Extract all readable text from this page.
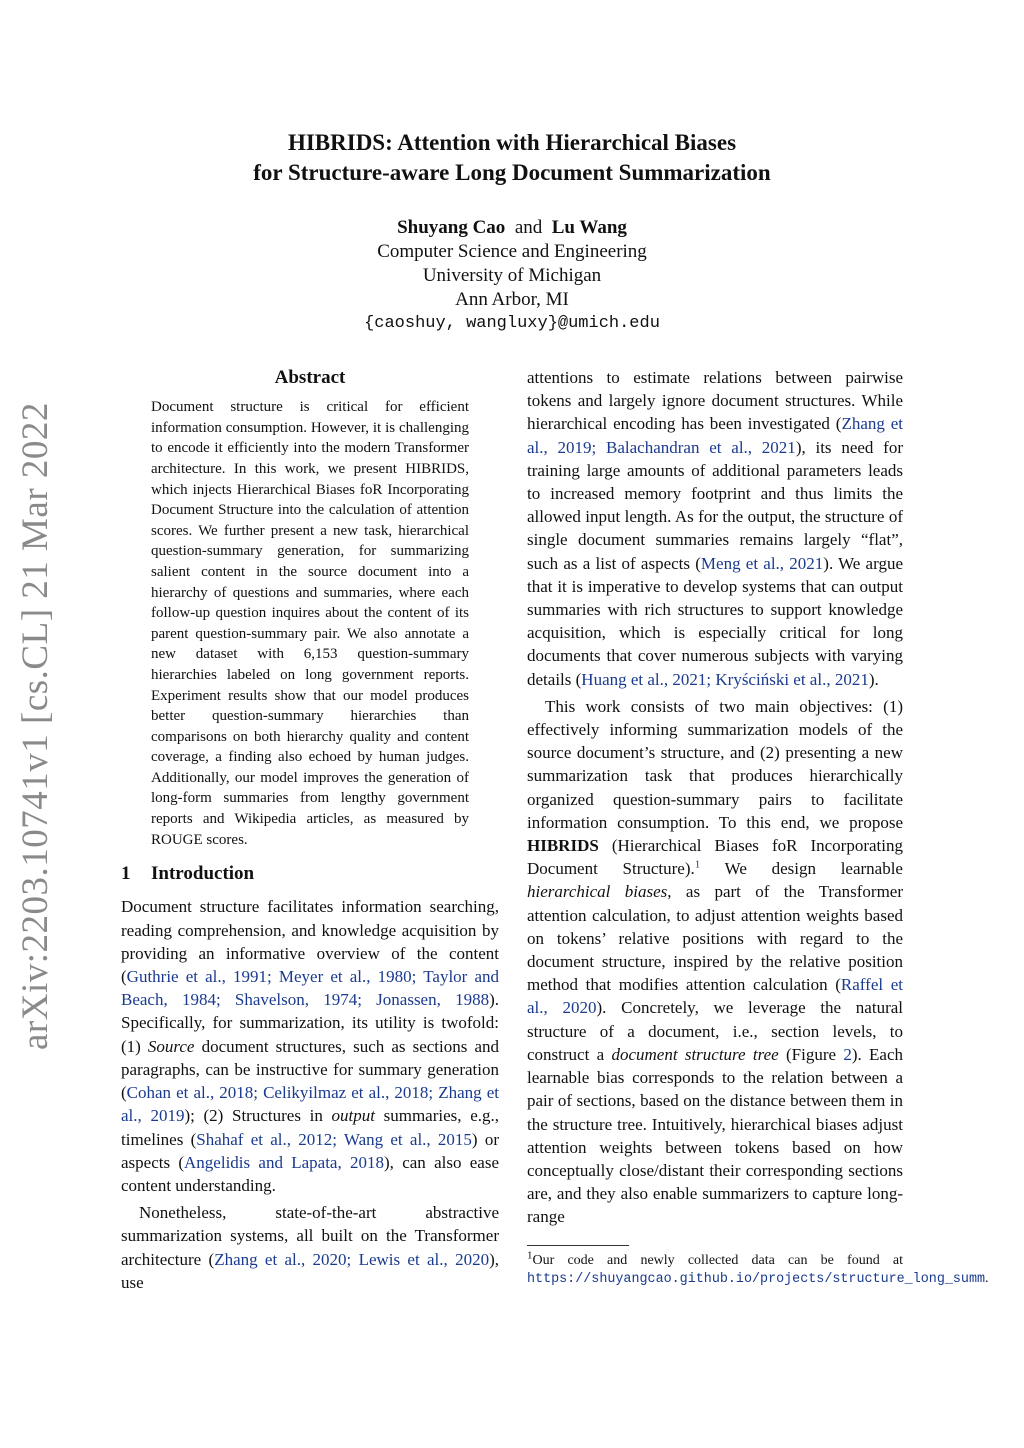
arXiv:2203.10741v1 [cs.CL] 21 Mar 2022
HIBRIDS: Attention with Hierarchical Biases
for Structure-aware Long Document Summarization
Shuyang Cao and Lu Wang
Computer Science and Engineering
University of Michigan
Ann Arbor, MI
{caoshuy, wangluxy}@umich.edu
Abstract
Document structure is critical for efficient information consumption. However, it is challenging to encode it efficiently into the modern Transformer architecture. In this work, we present HIBRIDS, which injects Hierarchical Biases foR Incorporating Document Structure into the calculation of attention scores. We further present a new task, hierarchical question-summary generation, for summarizing salient content in the source document into a hierarchy of questions and summaries, where each follow-up question inquires about the content of its parent question-summary pair. We also annotate a new dataset with 6,153 question-summary hierarchies labeled on long government reports. Experiment results show that our model produces better question-summary hierarchies than comparisons on both hierarchy quality and content coverage, a finding also echoed by human judges. Additionally, our model improves the generation of long-form summaries from lengthy government reports and Wikipedia articles, as measured by ROUGE scores.
1 Introduction

Document structure facilitates information searching, reading comprehension, and knowledge acquisition by providing an informative overview of the content (Guthrie et al., 1991; Meyer et al., 1980; Taylor and Beach, 1984; Shavelson, 1974; Jonassen, 1988). Specifically, for summarization, its utility is twofold: (1) Source document structures, such as sections and paragraphs, can be instructive for summary generation (Cohan et al., 2018; Celikyilmaz et al., 2018; Zhang et al., 2019); (2) Structures in output summaries, e.g., timelines (Shahaf et al., 2012; Wang et al., 2015) or aspects (Angelidis and Lapata, 2018), can also ease content understanding.

Nonetheless, state-of-the-art abstractive summarization systems, all built on the Transformer architecture (Zhang et al., 2020; Lewis et al., 2020), use

attentions to estimate relations between pairwise tokens and largely ignore document structures. While hierarchical encoding has been investigated (Zhang et al., 2019; Balachandran et al., 2021), its need for training large amounts of additional parameters leads to increased memory footprint and thus limits the allowed input length. As for the output, the structure of single document summaries remains largely “flat”, such as a list of aspects (Meng et al., 2021). We argue that it is imperative to develop systems that can output summaries with rich structures to support knowledge acquisition, which is especially critical for long documents that cover numerous subjects with varying details (Huang et al., 2021; Kryściński et al., 2021).

This work consists of two main objectives: (1) effectively informing summarization models of the source document’s structure, and (2) presenting a new summarization task that produces hierarchically organized question-summary pairs to facilitate information consumption. To this end, we propose HIBRIDS (Hierarchical Biases foR Incorporating Document Structure).$^1$ We design learnable hierarchical biases, as part of the Transformer attention calculation, to adjust attention weights based on tokens’ relative positions with regard to the document structure, inspired by the relative position method that modifies attention calculation (Raffel et al., 2020). Concretely, we leverage the natural structure of a document, i.e., section levels, to construct a document structure tree (Figure 2). Each learnable bias corresponds to the relation between a pair of sections, based on the distance between them in the structure tree. Intuitively, hierarchical biases adjust attention weights between tokens based on how conceptually close/distant their corresponding sections are, and they also enable summarizers to capture long-range

$^1$Our code and newly collected data can be found at https://shuyangcao.github.io/projects/structure_long_summ.
